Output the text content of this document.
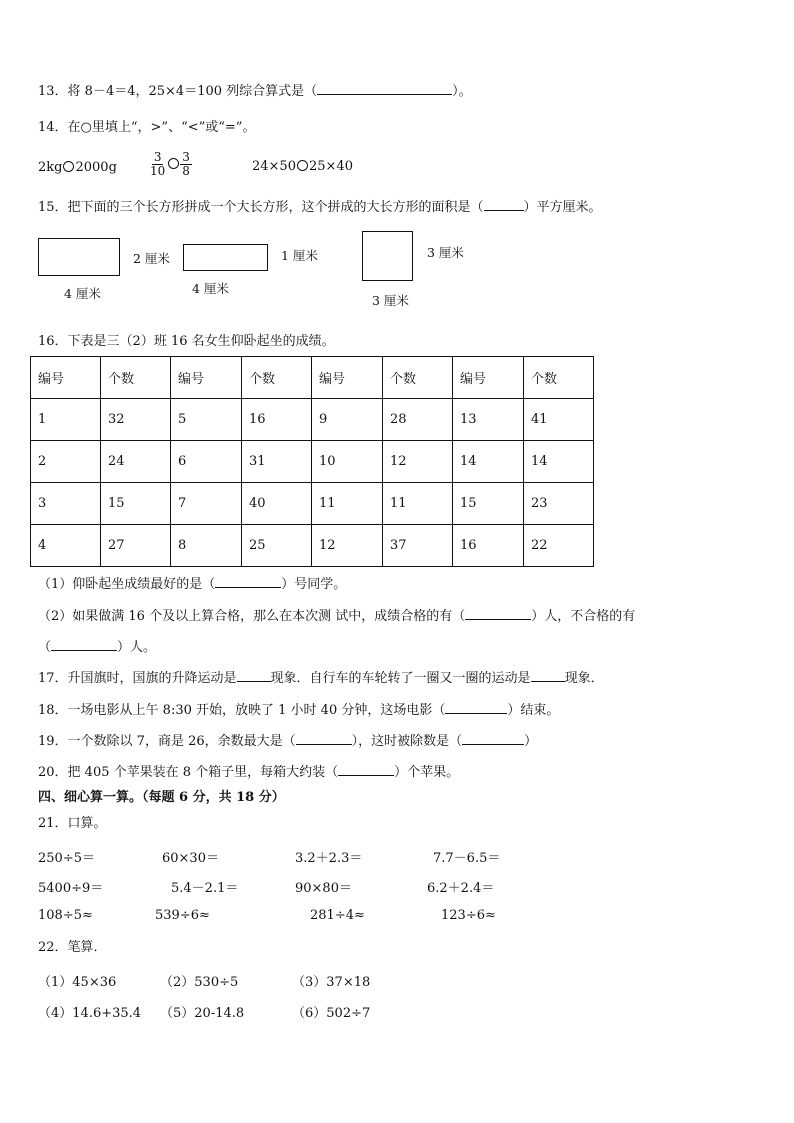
13．将 8－4＝4，25×4＝100 列综合算式是（	）。
14．在○里填上“，>”、“<”或“=”。
2kg 2000g	$\frac{3}{10} \frac{3}{8}$	24×50 25×40
15．把下面的三个长方形拼成一个大长方形，这个拼成的大长方形的面积是（	）平方厘米。
2 厘米
4 厘米
1 厘米
4 厘米
3 厘米
3 厘米
16．下表是三（2）班 16 名女生仰卧起坐的成绩。
编号	个数	编号	个数	编号	个数	编号	个数
1	32	5	16	9	28	13	41
2	24	6	31	10	12	14	14
3	15	7	40	11	11	15	23
4	27	8	25	12	37	16	22
（1）仰卧起坐成绩最好的是（	）号同学。
（2）如果做满 16 个及以上算合格，那么在本次测 试中，成绩合格的有（	）人，不合格的有
（	）人。
17．升国旗时，国旗的升降运动是	现象．自行车的车轮转了一圈又一圈的运动是	现象．
18．一场电影从上午 8:30 开始，放映了 1 小时 40 分钟，这场电影（	）结束。
19．一个数除以 7，商是 26，余数最大是（	），这时被除数是（	）
20．把 405 个苹果装在 8 个箱子里，每箱大约装（	）个苹果。
四、细心算一算。（每题 6 分，共 18 分）
21．口算。
250÷5＝	60×30＝	3.2＋2.3＝	7.7－6.5＝
5400÷9＝	5.4－2.1＝	90×80＝	6.2＋2.4＝
108÷5≈	539÷6≈	281÷4≈	123÷6≈
22．笔算．
（1）45×36	（2）530÷5	（3）37×18
（4）14.6+35.4 （5）20-14.8	（6）502÷7
